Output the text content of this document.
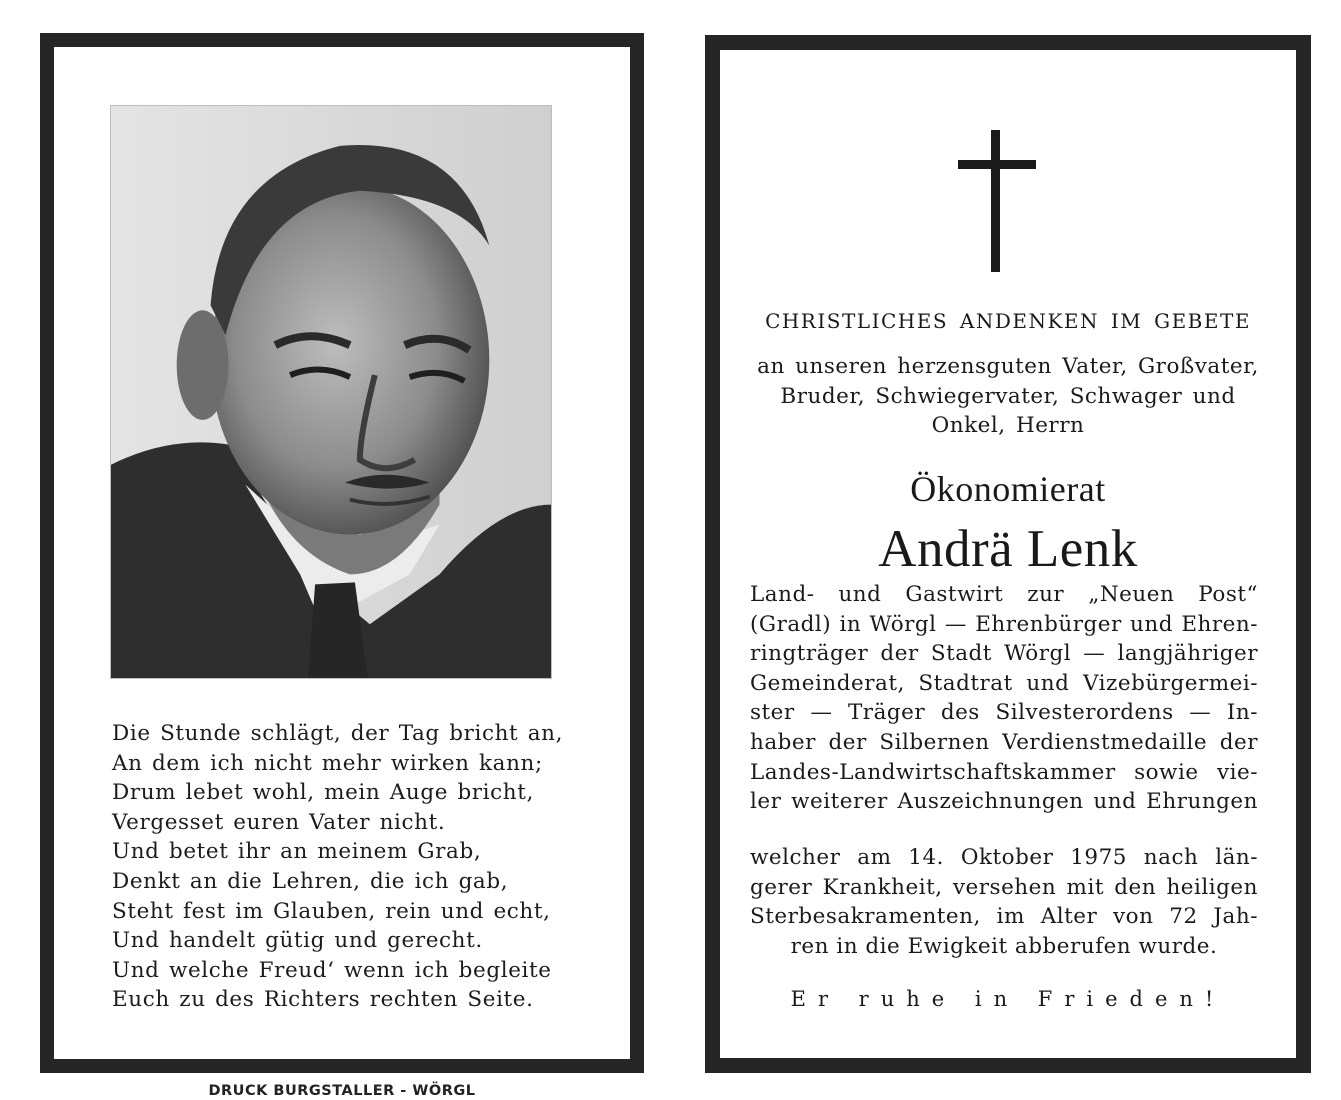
Die Stunde schlägt, der Tag bricht an,
An dem ich nicht mehr wirken kann;
Drum lebet wohl, mein Auge bricht,
Vergesset euren Vater nicht.
Und betet ihr an meinem Grab,
Denkt an die Lehren, die ich gab,
Steht fest im Glauben, rein und echt,
Und handelt gütig und gerecht.
Und welche Freud‘ wenn ich begleite
Euch zu des Richters rechten Seite.
DRUCK BURGSTALLER - WÖRGL
CHRISTLICHES ANDENKEN IM GEBETE
an unseren herzensguten Vater, Großvater,
Bruder, Schwiegervater, Schwager und
Onkel, Herrn
Ökonomierat
Andrä Lenk
Land- und Gastwirt zur „Neuen Post“
(Gradl) in Wörgl — Ehrenbürger und Ehren-
ringträger der Stadt Wörgl — langjähriger
Gemeinderat, Stadtrat und Vizebürgermei-
ster — Träger des Silvesterordens — In-
haber der Silbernen Verdienstmedaille der
Landes-Landwirtschaftskammer sowie vie-
ler weiterer Auszeichnungen und Ehrungen
welcher am 14. Oktober 1975 nach län-
gerer Krankheit, versehen mit den heiligen
Sterbesakramenten, im Alter von 72 Jah-
ren in die Ewigkeit abberufen wurde.
Er ruhe in Frieden!
